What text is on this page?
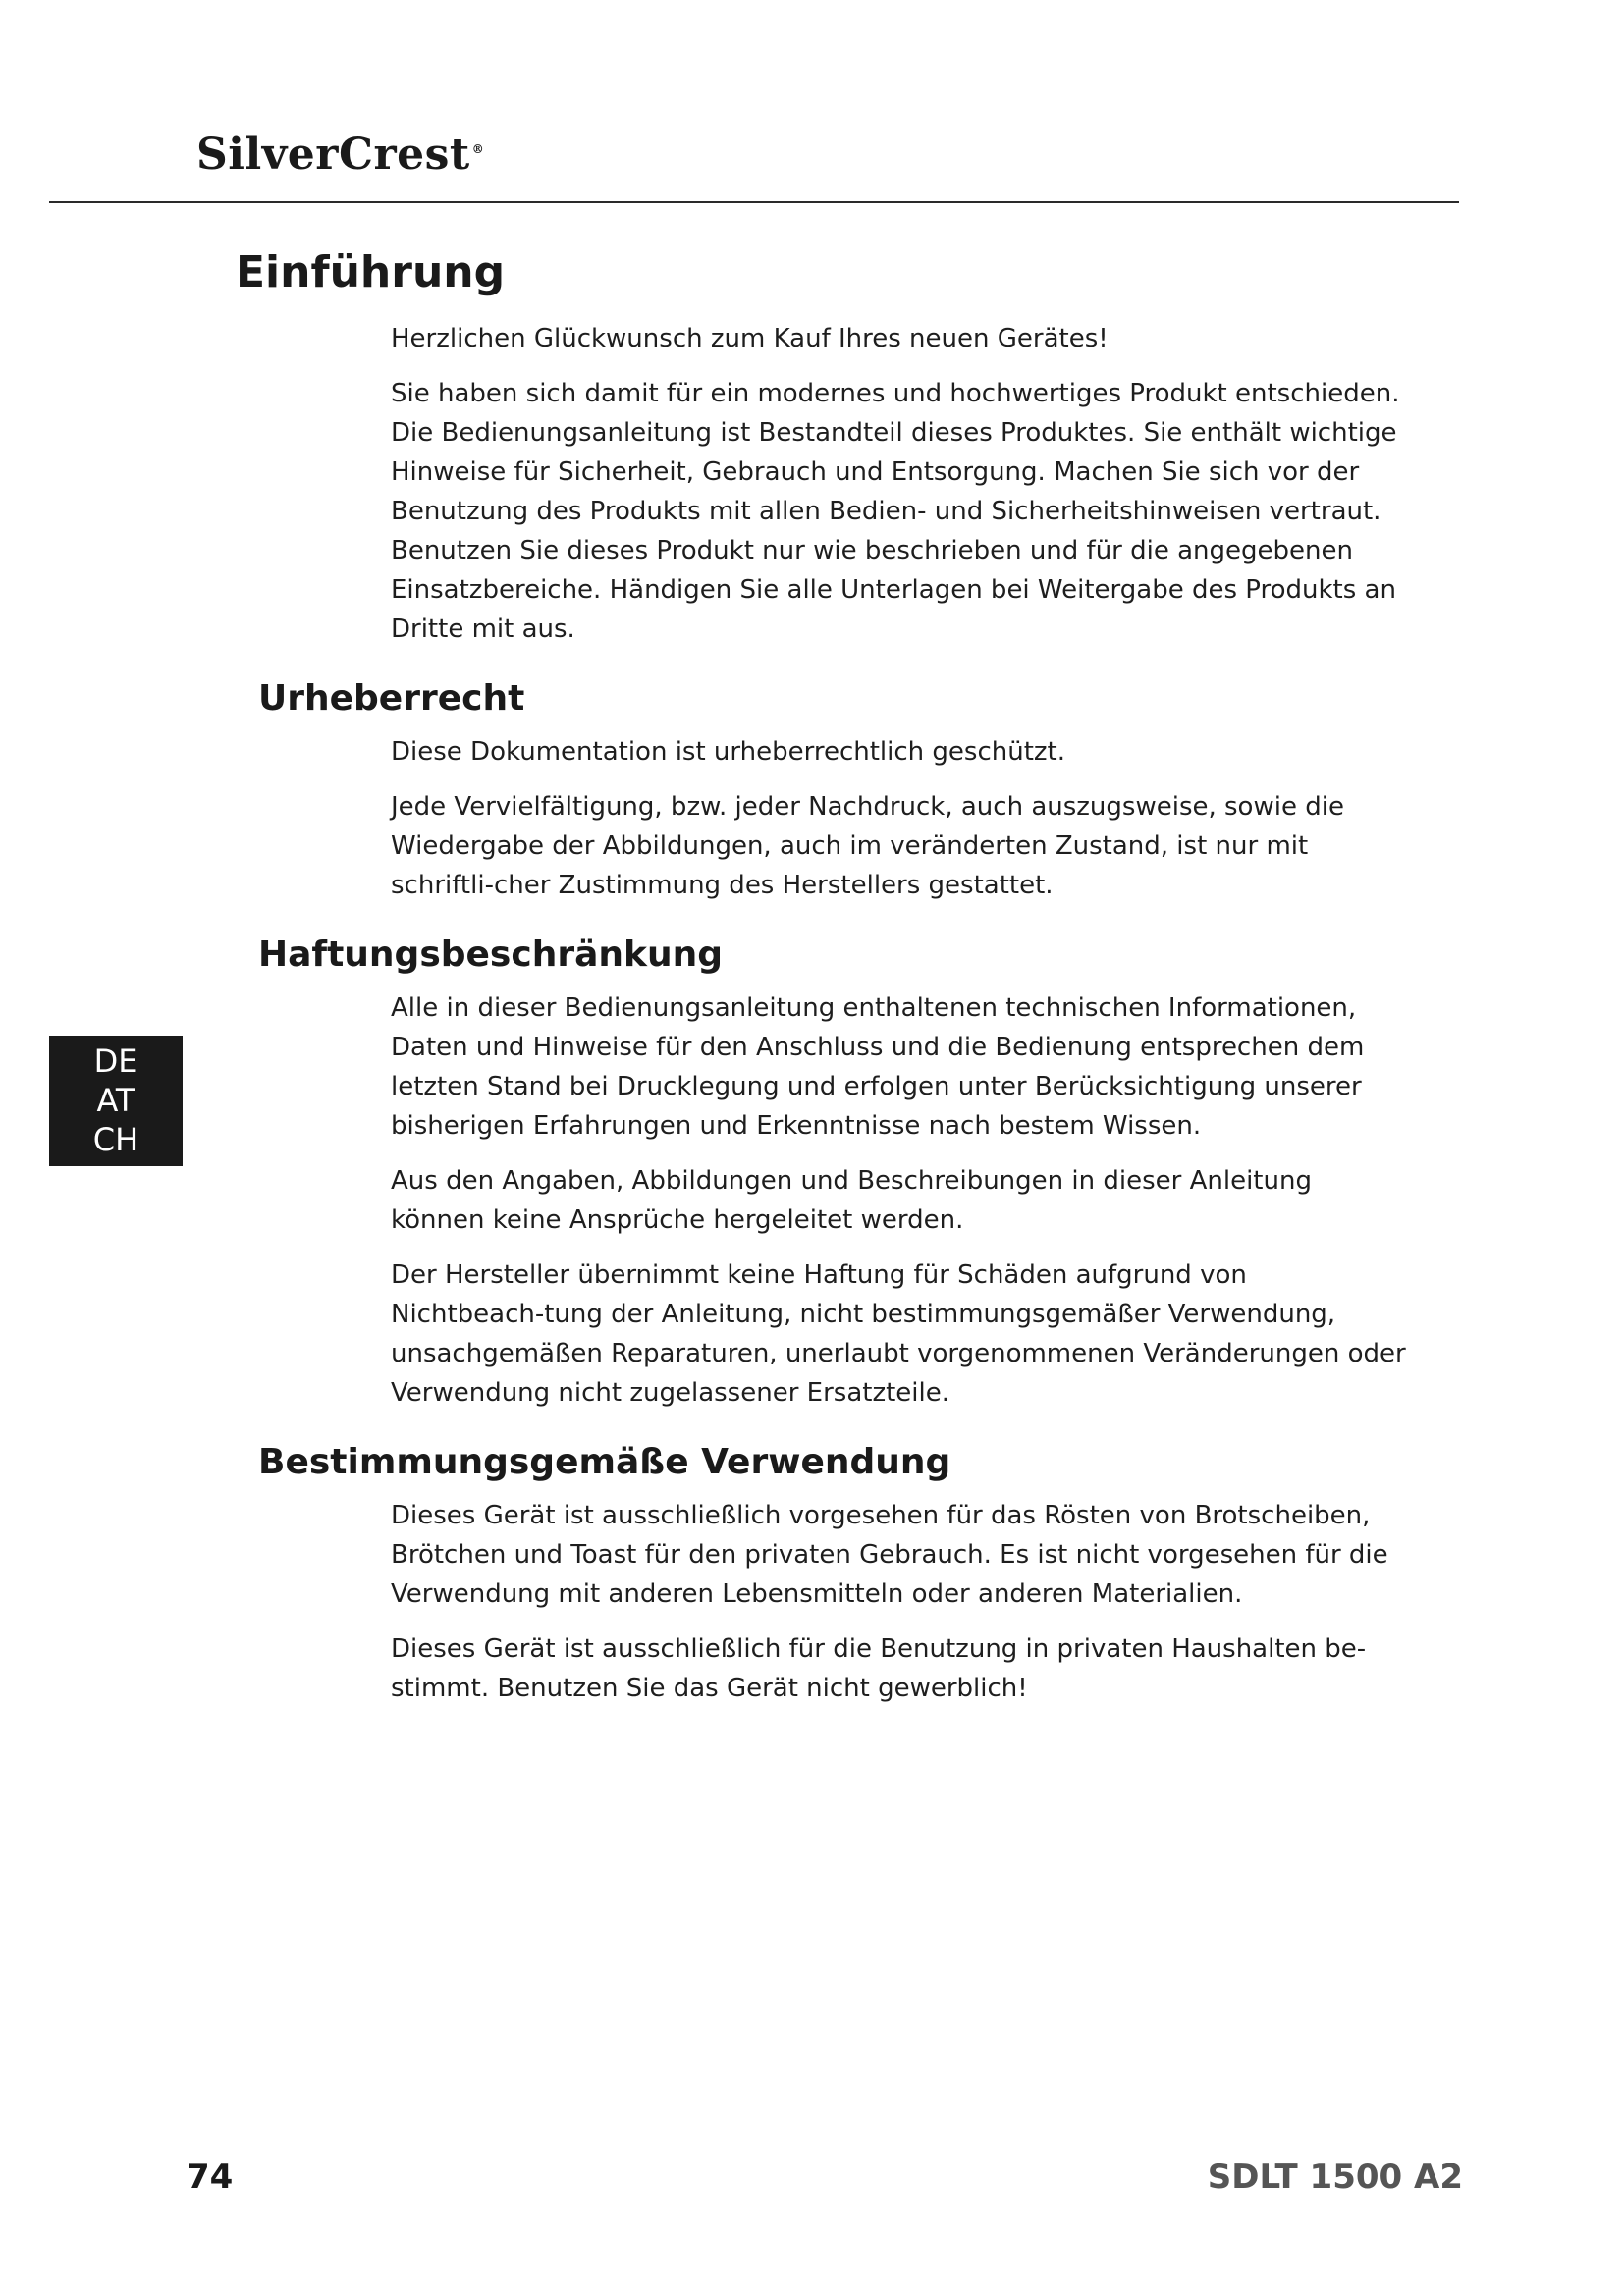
SilverCrest ®
Einführung

Herzlichen Glückwunsch zum Kauf Ihres neuen Gerätes!

Sie haben sich damit für ein modernes und hochwertiges Produkt entschieden. Die Bedienungsanleitung ist Bestandteil dieses Produktes. Sie enthält wichtige Hinweise für Sicherheit, Gebrauch und Entsorgung. Machen Sie sich vor der Benutzung des Produkts mit allen Bedien- und Sicherheitshinweisen vertraut. Benutzen Sie dieses Produkt nur wie beschrieben und für die angegebenen Einsatzbereiche. Händigen Sie alle Unterlagen bei Weitergabe des Produkts an Dritte mit aus.

Urheberrecht

Diese Dokumentation ist urheberrechtlich geschützt.

Jede Vervielfältigung, bzw. jeder Nachdruck, auch auszugsweise, sowie die Wiedergabe der Abbildungen, auch im veränderten Zustand, ist nur mit schriftli-cher Zustimmung des Herstellers gestattet.

Haftungsbeschränkung

Alle in dieser Bedienungsanleitung enthaltenen technischen Informationen, Daten und Hinweise für den Anschluss und die Bedienung entsprechen dem letzten Stand bei Drucklegung und erfolgen unter Berücksichtigung unserer bisherigen Erfahrungen und Erkenntnisse nach bestem Wissen.

Aus den Angaben, Abbildungen und Beschreibungen in dieser Anleitung können keine Ansprüche hergeleitet werden.

Der Hersteller übernimmt keine Haftung für Schäden aufgrund von Nichtbeach-tung der Anleitung, nicht bestimmungsgemäßer Verwendung, unsachgemäßen Reparaturen, unerlaubt vorgenommenen Veränderungen oder Verwendung nicht zugelassener Ersatzteile.

Bestimmungsgemäße Verwendung

Dieses Gerät ist ausschließlich vorgesehen für das Rösten von Brotscheiben, Brötchen und Toast für den privaten Gebrauch. Es ist nicht vorgesehen für die Verwendung mit anderen Lebensmitteln oder anderen Materialien.

Dieses Gerät ist ausschließlich für die Benutzung in privaten Haushalten be-stimmt. Benutzen Sie das Gerät nicht gewerblich!

DE
AT
CH
74	SDLT 1500 A2
